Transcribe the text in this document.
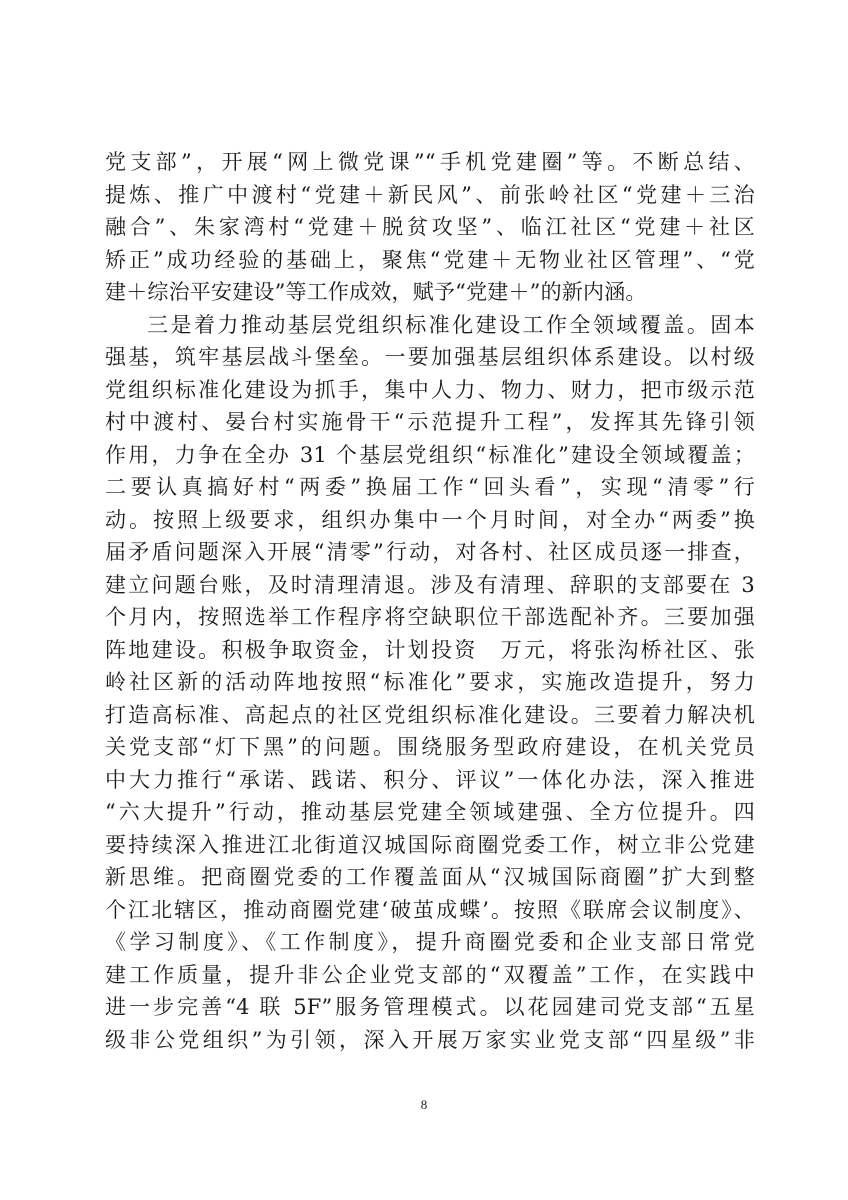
党支部”，开展“网上微党课”“手机党建圈”等。不断总结、
提炼、推广中渡村“党建＋新民风”、前张岭社区“党建＋三治
融合”、朱家湾村“党建＋脱贫攻坚”、临江社区“党建＋社区
矫正”成功经验的基础上，聚焦“党建＋无物业社区管理”、“党
建＋综治平安建设”等工作成效，赋予“党建＋”的新内涵。
三是着力推动基层党组织标准化建设工作全领域覆盖。固本
强基，筑牢基层战斗堡垒。一要加强基层组织体系建设。以村级
党组织标准化建设为抓手，集中人力、物力、财力，把市级示范
村中渡村、晏台村实施骨干“示范提升工程”，发挥其先锋引领
作用，力争在全办 31 个基层党组织“标准化”建设全领域覆盖；
二要认真搞好村“两委”换届工作“回头看”，实现“清零”行
动。按照上级要求，组织办集中一个月时间，对全办“两委”换
届矛盾问题深入开展“清零”行动，对各村、社区成员逐一排查，
建立问题台账，及时清理清退。涉及有清理、辞职的支部要在 3
个月内，按照选举工作程序将空缺职位干部选配补齐。三要加强
阵地建设。积极争取资金，计划投资　万元，将张沟桥社区、张
岭社区新的活动阵地按照“标准化”要求，实施改造提升，努力
打造高标准、高起点的社区党组织标准化建设。三要着力解决机
关党支部“灯下黑”的问题。围绕服务型政府建设，在机关党员
中大力推行“承诺、践诺、积分、评议”一体化办法，深入推进
“六大提升”行动，推动基层党建全领域建强、全方位提升。四
要持续深入推进江北街道汉城国际商圈党委工作，树立非公党建
新思维。把商圈党委的工作覆盖面从“汉城国际商圈”扩大到整
个江北辖区，推动商圈党建‘破茧成蝶’。按照《联席会议制度》、
《学习制度》、《工作制度》，提升商圈党委和企业支部日常党
建工作质量，提升非公企业党支部的“双覆盖”工作，在实践中
进一步完善“4 联 5F”服务管理模式。以花园建司党支部“五星
级非公党组织”为引领，深入开展万家实业党支部“四星级”非
8
